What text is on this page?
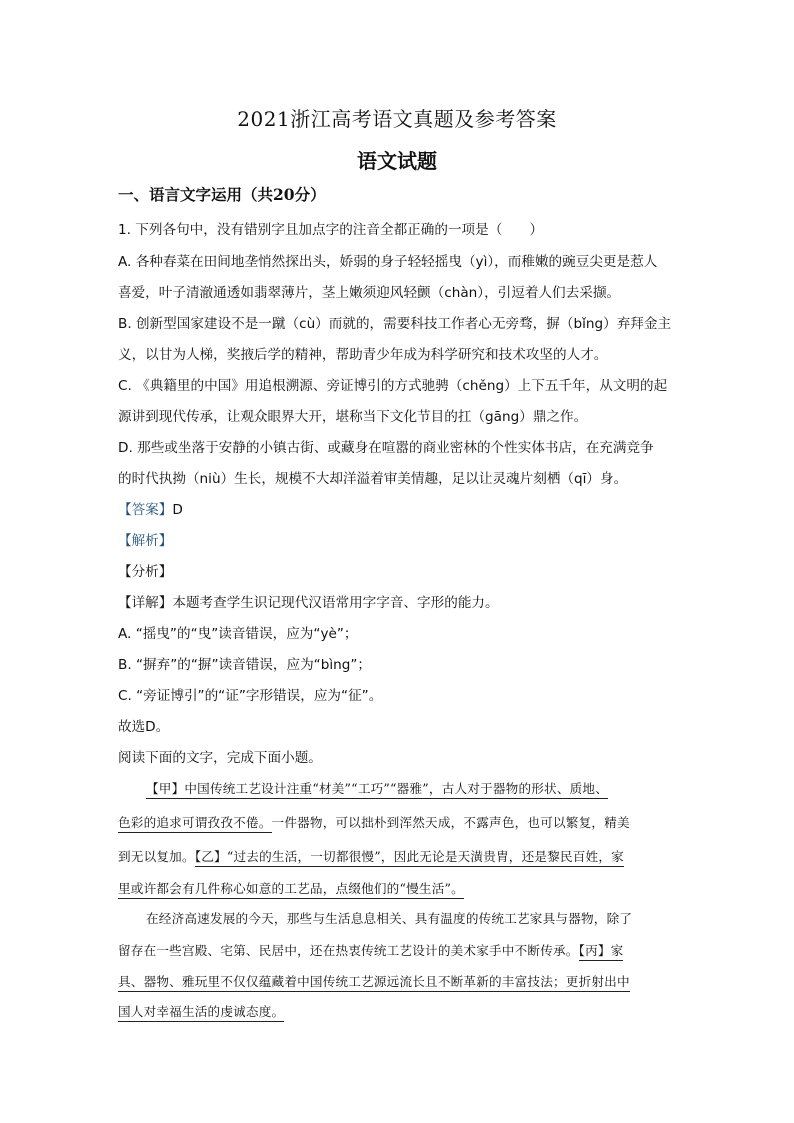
2021浙江高考语文真题及参考答案
语文试题
一、语言文字运用（共20分）
1. 下列各句中，没有错别字且加点字的注音全都正确的一项是（　　）
A. 各种春菜在田间地垄悄然探出头，娇弱的身子轻轻摇曳（yì），而稚嫩的豌豆尖更是惹人
喜爱，叶子清澈通透如翡翠薄片，茎上嫩须迎风轻颤（chàn），引逗着人们去采撷。
B. 创新型国家建设不是一蹴（cù）而就的，需要科技工作者心无旁骛，摒（bǐng）弃拜金主
义，以甘为人梯，奖掖后学的精神，帮助青少年成为科学研究和技术攻坚的人才。
C. 《典籍里的中国》用追根溯源、旁证博引的方式驰骋（chěng）上下五千年，从文明的起
源讲到现代传承，让观众眼界大开，堪称当下文化节目的扛（gāng）鼎之作。
D. 那些或坐落于安静的小镇古街、或藏身在喧嚣的商业密林的个性实体书店，在充满竞争
的时代执拗（niù）生长，规模不大却洋溢着审美情趣，足以让灵魂片刻栖（qī）身。
【答案】D
【解析】
【分析】
【详解】本题考查学生识记现代汉语常用字字音、字形的能力。
A. “摇曳”的“曳”读音错误，应为“yè”；
B. “摒弃”的“摒”读音错误，应为“bìng”；
C. “旁证博引”的“证”字形错误，应为“征”。
故选D。
阅读下面的文字，完成下面小题。
【甲】中国传统工艺设计注重“材美”“工巧”“器雅”，古人对于器物的形状、质地、
色彩的追求可谓孜孜不倦。一件器物，可以拙朴到浑然天成，不露声色，也可以繁复，精美
到无以复加。【乙】“过去的生活，一切都很慢”，因此无论是天潢贵胄，还是黎民百姓，家
里或许都会有几件称心如意的工艺品，点缀他们的“慢生活”。
在经济高速发展的今天，那些与生活息息相关、具有温度的传统工艺家具与器物，除了
留存在一些宫殿、宅第、民居中，还在热衷传统工艺设计的美术家手中不断传承。【丙】家
具、器物、雅玩里不仅仅蕴藏着中国传统工艺源远流长且不断革新的丰富技法；更折射出中
国人对幸福生活的虔诚态度。
